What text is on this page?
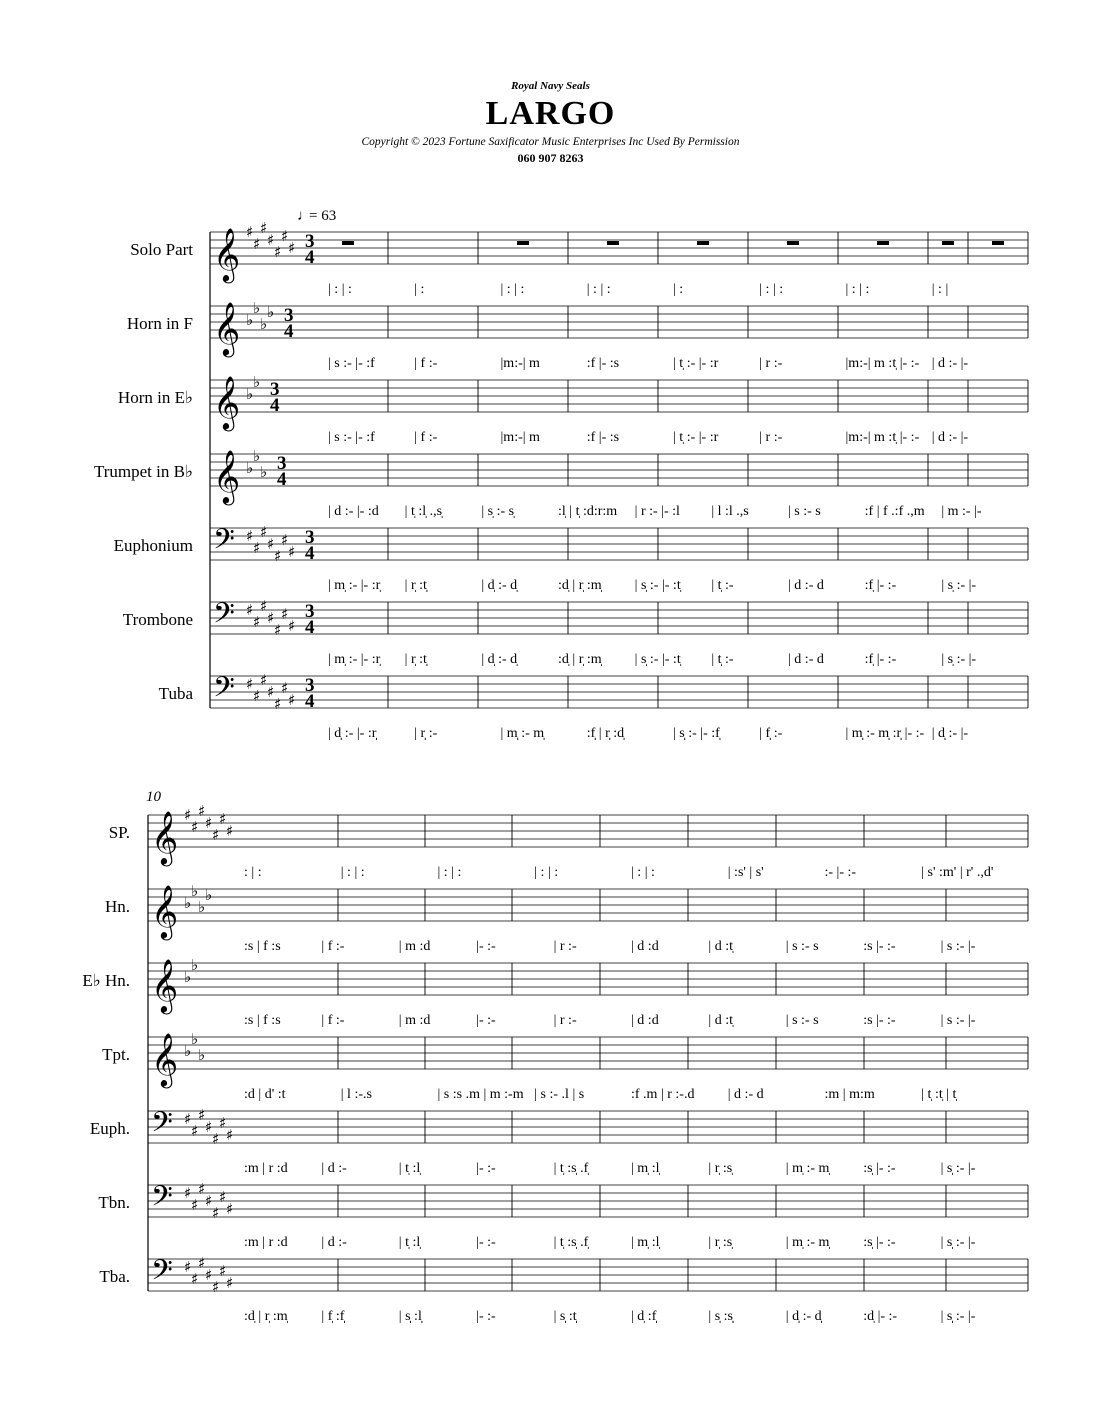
Royal Navy Seals
LARGO
Copyright © 2023 Fortune Saxificator Music Enterprises Inc Used By Permission
060 907 8263
♩
= 63
Solo Part 𝄞 ♯
♯
♯
♯
♯
♯
♯ 3
4
| : | :	| :	| : | :	| : | :	| :	| : | :	| : | :	| : |
Horn in F 𝄞 ♭
♭
♭
♭ 3
4
| s :- |- :f	| f :-	|m:-| m	:f |- :s	| t̩ :- |- :r	| r :-	|m:-| m :t̩ |- :- | d :- |-
Horn in E♭ 𝄞 ♭
♭ 3
4
| s :- |- :f	| f :-	|m:-| m	:f |- :s	| t̩ :- |- :r	| r :-	|m:-| m :t̩ |- :- | d :- |-
Trumpet in B♭ 𝄞 ♭
♭
♭ 3
4
| d :- |- :d | t̩ :l̩ .,s̩	| s̩ :- s̩	:l̩ | t̩ :d:r:m | r :- |- :l | l :l .,s	| s :- s	:f | f .:f .,m | m :- |-
Euphonium 𝄢 ♯
♯
♯
♯
♯
♯
♯
3
4
| m̩ :- |- :r̩ | r̩ :t̩̩	| d̩ :- d̩	:d̩ | r̩ :m̩ | s̩ :- |- :t̩ | t̩ :-	| d :- d	:f̩ |- :-	| s̩ :- |-
Trombone 𝄢 ♯
♯
♯
♯
♯
♯
♯
3
4
| m̩ :- |- :r̩ | r̩ :t̩̩	| d̩ :- d̩	:d̩ | r̩ :m̩ | s̩ :- |- :t̩ | t̩ :-	| d :- d	:f̩ |- :-	| s̩ :- |-
Tuba 𝄢 ♯
♯
♯
♯
♯
♯
♯
3
4
| d̩̩ :- |- :r̩̩	| r̩̩ :-	| m̩̩ :- m̩̩	:f̩̩ | r̩̩ :d̩̩	| s̩̩ :- |- :f̩̩	| f̩̩ :-	| m̩̩ :- m̩̩ :r̩̩ |- :- | d̩̩ :- |-
10
SP. 𝄞 ♯
♯
♯
♯
♯
♯
♯
: | :	| : | :	| : | :	| : | :	| : | :	| :s' | s'	:- |- :-	| s' :m' | r' .,d'
Hn. 𝄞 ♭
♭
♭
♭
:s | f :s	| f :-	| m :d	|- :-	| r :-	| d :d	| d :t̩	| s :- s	:s |- :-	| s :- |-
E♭ Hn. 𝄞 ♭
♭
:s | f :s	| f :-	| m :d	|- :-	| r :-	| d :d	| d :t̩	| s :- s	:s |- :-	| s :- |-
Tpt. 𝄞 ♭
♭
♭
:d | d' :t	| l :-.s	| s :s .m | m :-m | s :- .l | s	:f .m | r :-.d | d :- d	:m | m:m	| t̩ :t̩ | t̩
Euph. 𝄢 ♯
♯
♯
♯
♯
♯
♯
:m | r :d | d :-	| t̩ :l̩	|- :-	| t̩ :s̩ .f̩	| m̩ :l̩	| r̩ :s̩	| m̩ :- m̩ :s̩ |- :-	| s̩ :- |-
Tbn. 𝄢 ♯
♯
♯
♯
♯
♯
♯
:m | r :d | d :-	| t̩ :l̩	|- :-	| t̩ :s̩ .f̩	| m̩ :l̩	| r̩ :s̩	| m̩ :- m̩ :s̩ |- :-	| s̩ :- |-
Tba. 𝄢 ♯
♯
♯
♯
♯
♯
♯
:d̩ | r̩ :m̩ | f̩ :f̩̩	| s̩̩ :l̩̩	|- :-	| s̩̩ :t̩̩	| d̩ :f̩̩	| s̩̩ :s̩̩̩	| d̩̩ :- d̩̩	:d̩ |- :-	| s̩̩ :- |-
